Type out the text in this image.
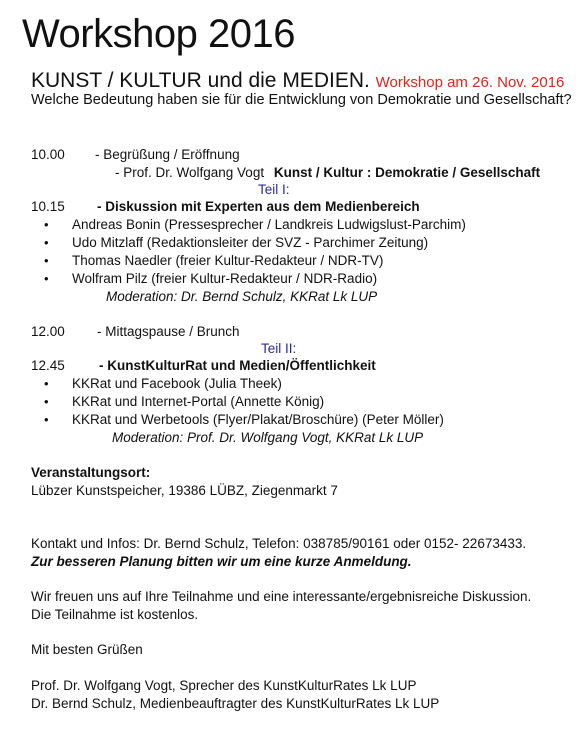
Workshop 2016
KUNST / KULTUR und die MEDIEN. Workshop am 26. Nov. 2016
Welche Bedeutung haben sie für die Entwicklung von Demokratie und Gesellschaft?
10.00 - Begrüßung / Eröffnung
- Prof. Dr. Wolfgang Vogt Kunst / Kultur : Demokratie / Gesellschaft
Teil I:
10.15 - Diskussion mit Experten aus dem Medienbereich
• Andreas Bonin (Pressesprecher / Landkreis Ludwigslust-Parchim)
• Udo Mitzlaff (Redaktionsleiter der SVZ - Parchimer Zeitung)
• Thomas Naedler (freier Kultur-Redakteur / NDR-TV)
• Wolfram Pilz (freier Kultur-Redakteur / NDR-Radio)
Moderation: Dr. Bernd Schulz, KKRat Lk LUP
12.00 - Mittagspause / Brunch
Teil II:
12.45	- KunstKulturRat und Medien/Öffentlichkeit
• KKRat und Facebook (Julia Theek)
• KKRat und Internet-Portal (Annette König)
• KKRat und Werbetools (Flyer/Plakat/Broschüre) (Peter Möller)
Moderation: Prof. Dr. Wolfgang Vogt, KKRat Lk LUP
Veranstaltungsort:
Lübzer Kunstspeicher, 19386 LÜBZ, Ziegenmarkt 7
Kontakt und Infos: Dr. Bernd Schulz, Telefon: 038785/90161 oder 0152- 22673433.
Zur besseren Planung bitten wir um eine kurze Anmeldung.
Wir freuen uns auf Ihre Teilnahme und eine interessante/ergebnisreiche Diskussion.
Die Teilnahme ist kostenlos.
Mit besten Grüßen
Prof. Dr. Wolfgang Vogt, Sprecher des KunstKulturRates Lk LUP
Dr. Bernd Schulz, Medienbeauftragter des KunstKulturRates Lk LUP
